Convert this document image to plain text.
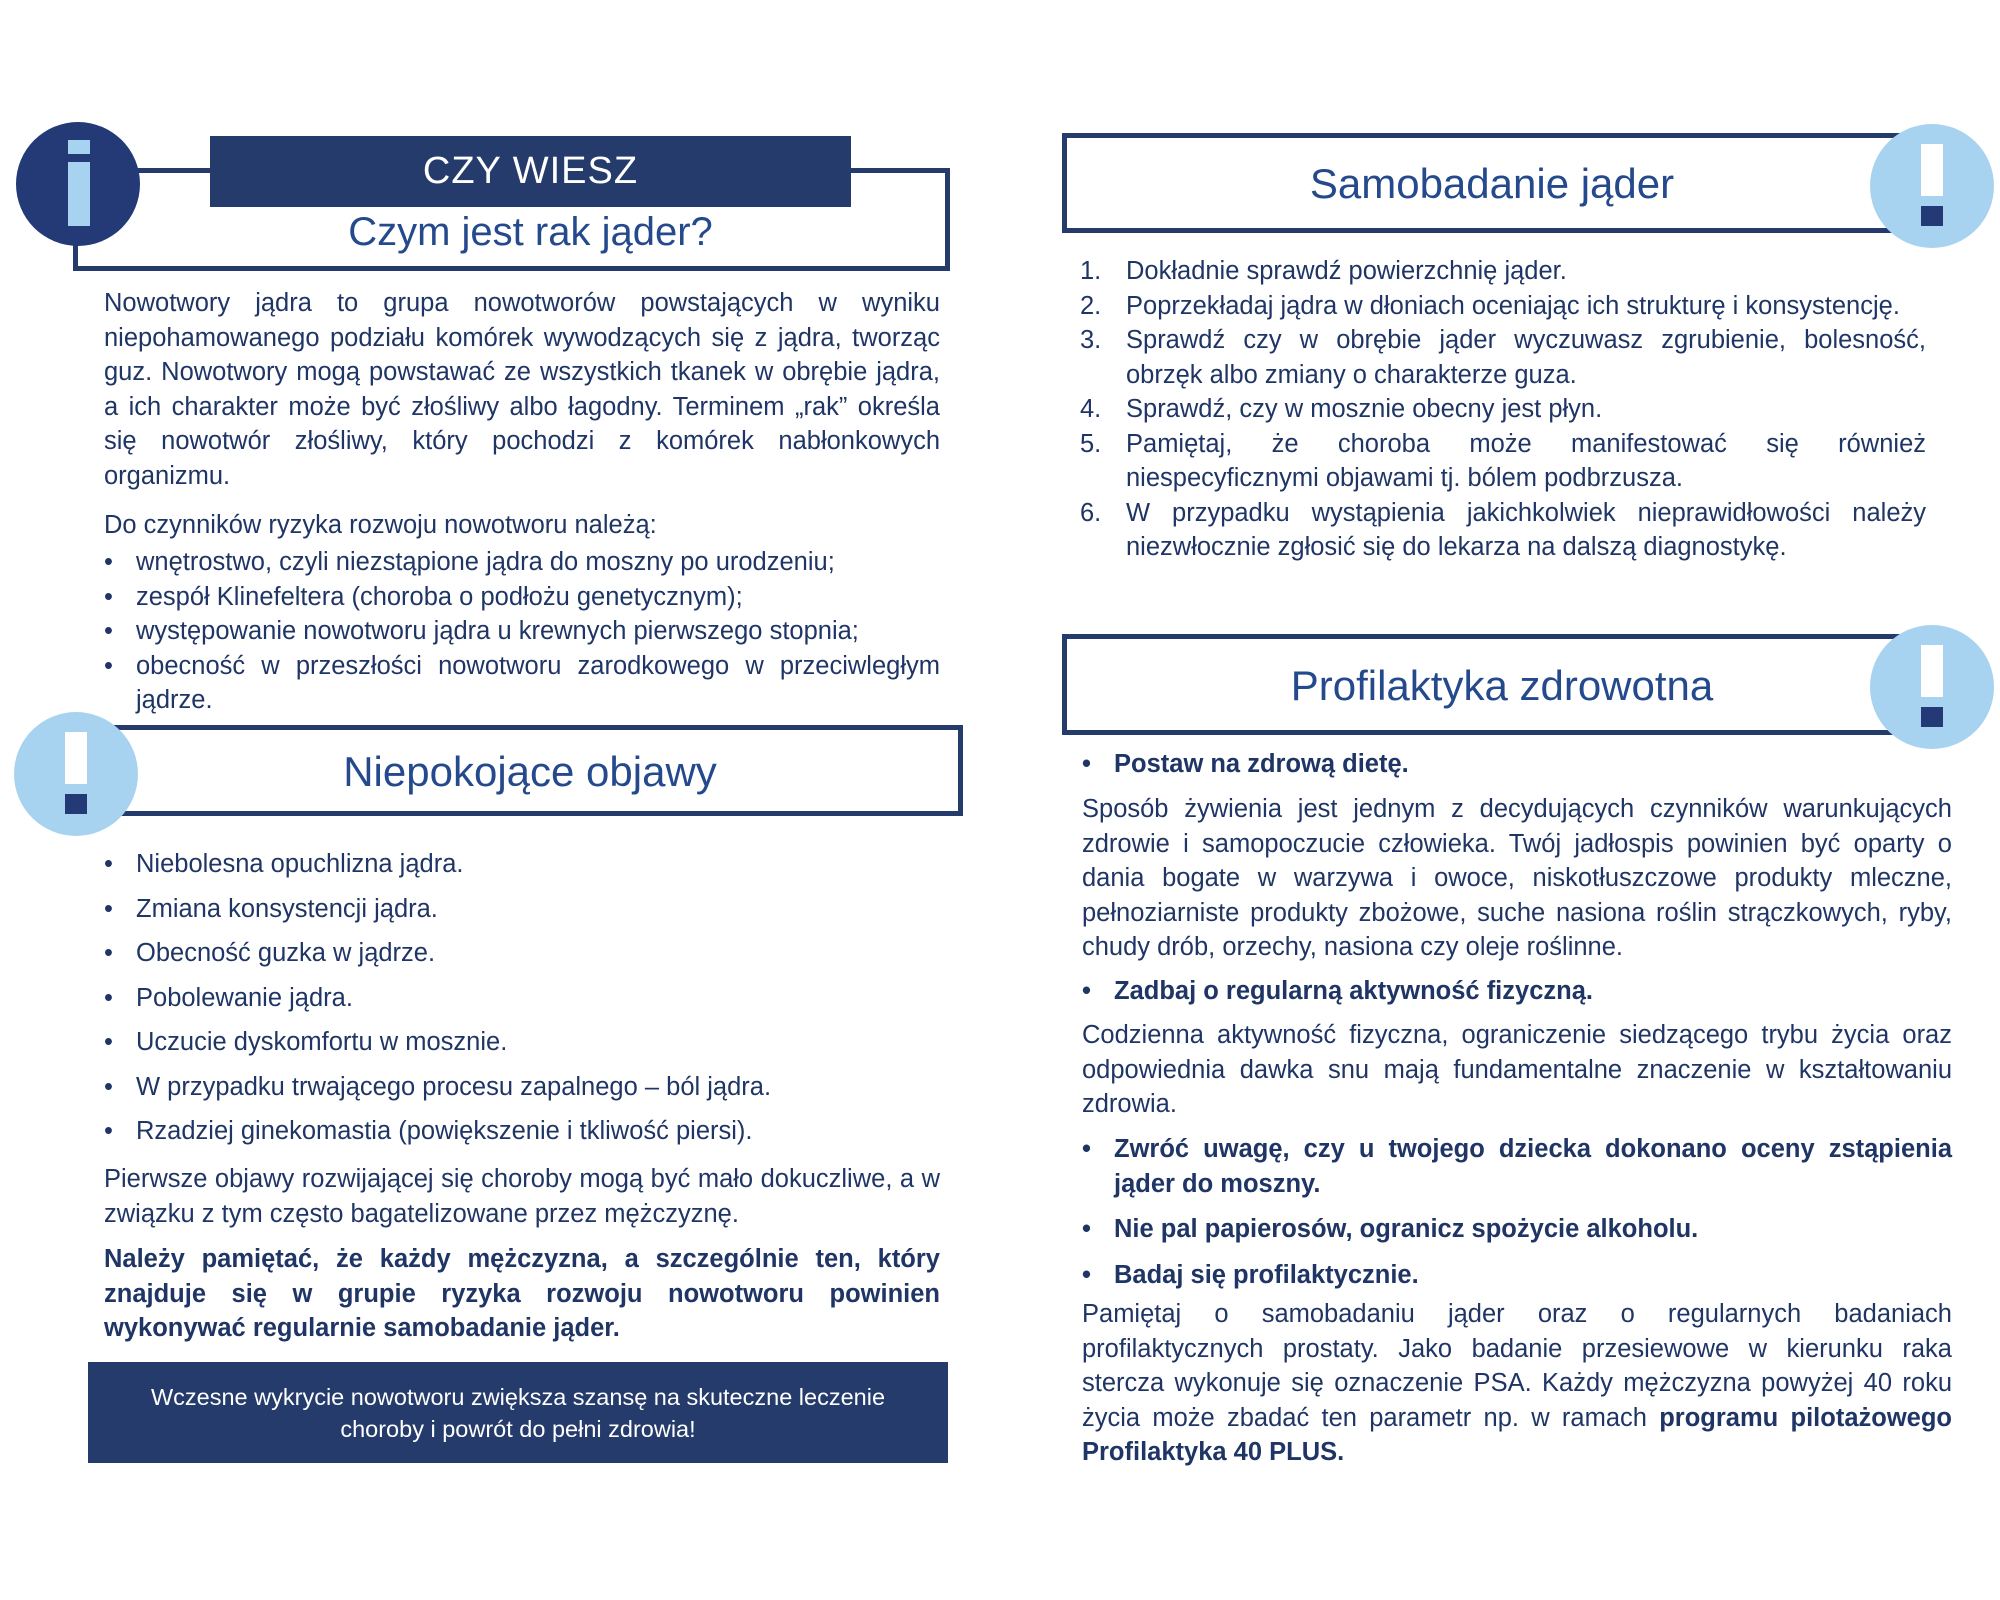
CZY WIESZ
Czym jest rak jąder?
Nowotwory jądra to grupa nowotworów powstających w wyniku niepohamowanego podziału komórek wywodzących się z jądra, tworząc guz. Nowotwory mogą powstawać ze wszystkich tkanek w obrębie jądra, a ich charakter może być złośliwy albo łagodny. Terminem „rak” określa się nowotwór złośliwy, który pochodzi z komórek nabłonkowych organizmu.
Do czynników ryzyka rozwoju nowotworu należą:
• wnętrostwo, czyli niezstąpione jądra do moszny po urodzeniu;
• zespół Klinefeltera (choroba o podłożu genetycznym);
• występowanie nowotworu jądra u krewnych pierwszego stopnia;
• obecność w przeszłości nowotworu zarodkowego w przeciwległym jądrze.
Niepokojące objawy
• Niebolesna opuchlizna jądra.
• Zmiana konsystencji jądra.
• Obecność guzka w jądrze.
• Pobolewanie jądra.
• Uczucie dyskomfortu w mosznie.
• W przypadku trwającego procesu zapalnego – ból jądra.
• Rzadziej ginekomastia (powiększenie i tkliwość piersi).
Pierwsze objawy rozwijającej się choroby mogą być mało dokuczliwe, a w związku z tym często bagatelizowane przez mężczyznę.
Należy pamiętać, że każdy mężczyzna, a szczególnie ten, który znajduje się w grupie ryzyka rozwoju nowotworu powinien wykonywać regularnie samobadanie jąder.
Wczesne wykrycie nowotworu zwiększa szansę na skuteczne leczenie choroby i powrót do pełni zdrowia!
Samobadanie jąder
1. Dokładnie sprawdź powierzchnię jąder.
2. Poprzekładaj jądra w dłoniach oceniając ich strukturę i konsystencję.
3. Sprawdź czy w obrębie jąder wyczuwasz zgrubienie, bolesność, obrzęk albo zmiany o charakterze guza.
4. Sprawdź, czy w mosznie obecny jest płyn.
5. Pamiętaj, że choroba może manifestować się również niespecyficznymi objawami tj. bólem podbrzusza.
6. W przypadku wystąpienia jakichkolwiek nieprawidłowości należy niezwłocznie zgłosić się do lekarza na dalszą diagnostykę.
Profilaktyka zdrowotna
• Postaw na zdrową dietę.
Sposób żywienia jest jednym z decydujących czynników warunkujących zdrowie i samopoczucie człowieka. Twój jadłospis powinien być oparty o dania bogate w warzywa i owoce, niskotłuszczowe produkty mleczne, pełnoziarniste produkty zbożowe, suche nasiona roślin strączkowych, ryby, chudy drób, orzechy, nasiona czy oleje roślinne.
• Zadbaj o regularną aktywność fizyczną.
Codzienna aktywność fizyczna, ograniczenie siedzącego trybu życia oraz odpowiednia dawka snu mają fundamentalne znaczenie w kształtowaniu zdrowia.
• Zwróć uwagę, czy u twojego dziecka dokonano oceny zstąpienia jąder do moszny.
• Nie pal papierosów, ogranicz spożycie alkoholu.
• Badaj się profilaktycznie.
Pamiętaj o samobadaniu jąder oraz o regularnych badaniach profilaktycznych prostaty. Jako badanie przesiewowe w kierunku raka stercza wykonuje się oznaczenie PSA. Każdy mężczyzna powyżej 40 roku życia może zbadać ten parametr np. w ramach programu pilotażowego Profilaktyka 40 PLUS.
